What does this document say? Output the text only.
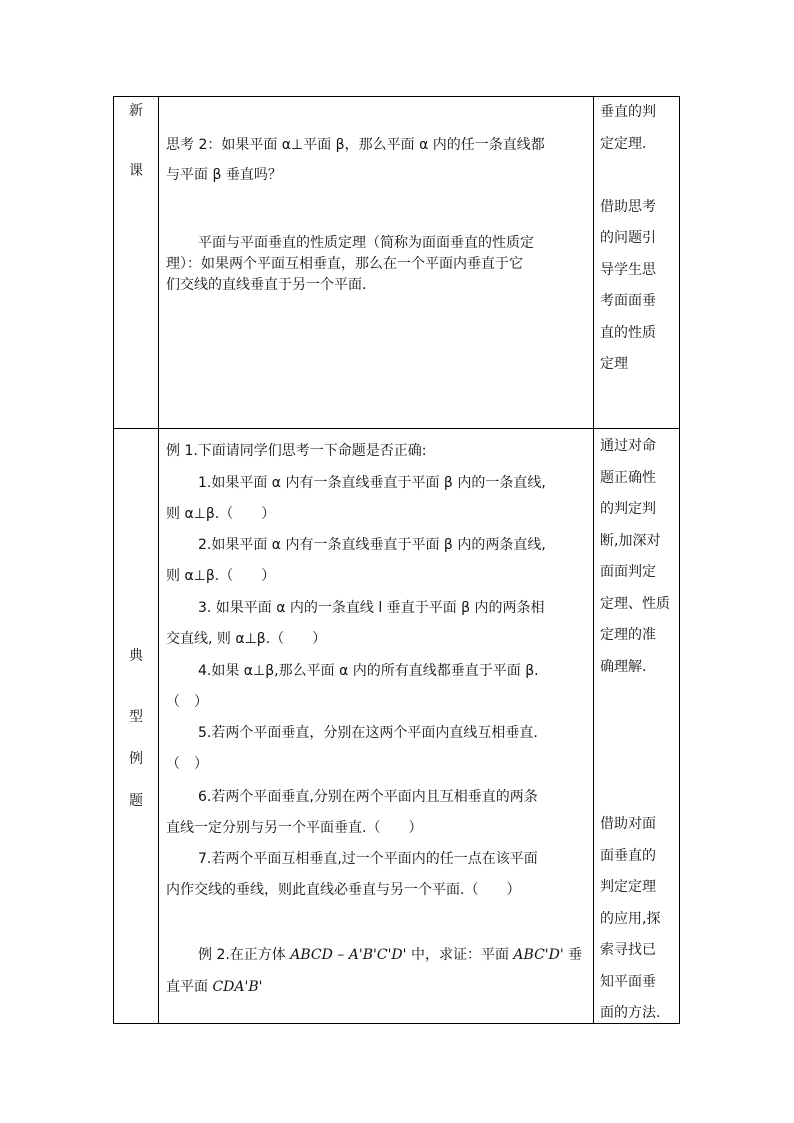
新
课
思考 2：如果平面 α⊥平面 β，那么平面 α 内的任一条直线都
与平面 β 垂直吗？
平面与平面垂直的性质定理（简称为面面垂直的性质定
理）：如果两个平面互相垂直，那么在一个平面内垂直于它
们交线的直线垂直于另一个平面.
垂直的判
定定理.

借助思考
的问题引
导学生思
考面面垂
直的性质
定理
典
型
例
题
例 1.下面请同学们思考一下命题是否正确:
1.如果平面 α 内有一条直线垂直于平面 β 内的一条直线,
则 α⊥β.（　　）
2.如果平面 α 内有一条直线垂直于平面 β 内的两条直线,
则 α⊥β.（　　）
3. 如果平面 α 内的一条直线 l 垂直于平面 β 内的两条相
交直线, 则 α⊥β.（　　）
4.如果 α⊥β,那么平面 α 内的所有直线都垂直于平面 β.
（　）
5.若两个平面垂直，分别在这两个平面内直线互相垂直.
（　）
6.若两个平面垂直,分别在两个平面内且互相垂直的两条
直线一定分别与另一个平面垂直.（　　）
7.若两个平面互相垂直,过一个平面内的任一点在该平面
内作交线的垂线，则此直线必垂直与另一个平面.（　　）
例 2.在正方体 ABCD – A'B'C'D' 中，求证：平面 ABC'D' 垂
直平面 CDA'B'
通过对命
题正确性
的判定判
断,加深对
面面判定
定理、性质
定理的准
确理解.

借助对面
面垂直的
判定定理
的应用,探
索寻找已
知平面垂
面的方法.
